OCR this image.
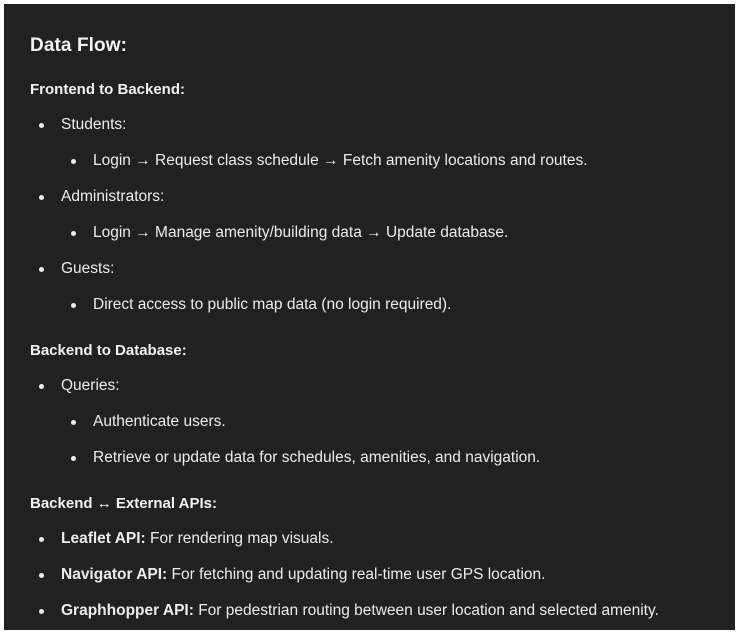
Data Flow:
Frontend to Backend:
Students:
Login → Request class schedule → Fetch amenity locations and routes.
Administrators:
Login → Manage amenity/building data → Update database.
Guests:
Direct access to public map data (no login required).
Backend to Database:
Queries:
Authenticate users.
Retrieve or update data for schedules, amenities, and navigation.
Backend ↔ External APIs:
Leaflet API: For rendering map visuals.
Navigator API: For fetching and updating real-time user GPS location.
Graphhopper API: For pedestrian routing between user location and selected amenity.
